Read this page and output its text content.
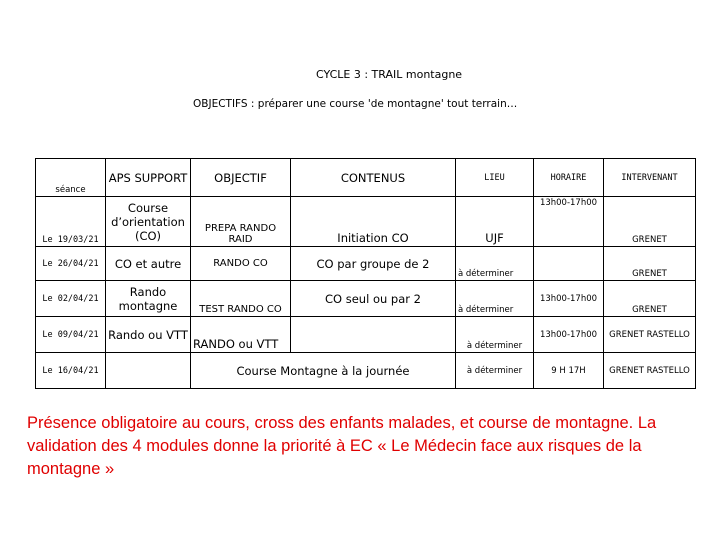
CYCLE 3 : TRAIL montagne
OBJECTIFS : préparer une course 'de montagne' tout terrain…
séance	APS SUPPORT	OBJECTIF	CONTENUS	LIEU	HORAIRE	INTERVENANT
Le 19/03/21	Course d’orientation (CO)	PREPA RANDO RAID	Initiation CO	UJF	13h00-17h00	GRENET
Le 26/04/21	CO et autre	RANDO CO	CO par groupe de 2	à déterminer		GRENET
Le 02/04/21	Rando montagne	TEST RANDO CO	CO seul ou par 2	à déterminer	13h00-17h00	GRENET
Le 09/04/21	Rando ou VTT	RANDO ou VTT		à déterminer	13h00-17h00	GRENET RASTELLO
Le 16/04/21		Course Montagne à la journée		à déterminer	9 H 17H	GRENET RASTELLO
Présence obligatoire au cours, cross des enfants malades, et course de montagne. La validation des 4 modules donne la priorité à EC « Le Médecin face aux risques de la montagne »
